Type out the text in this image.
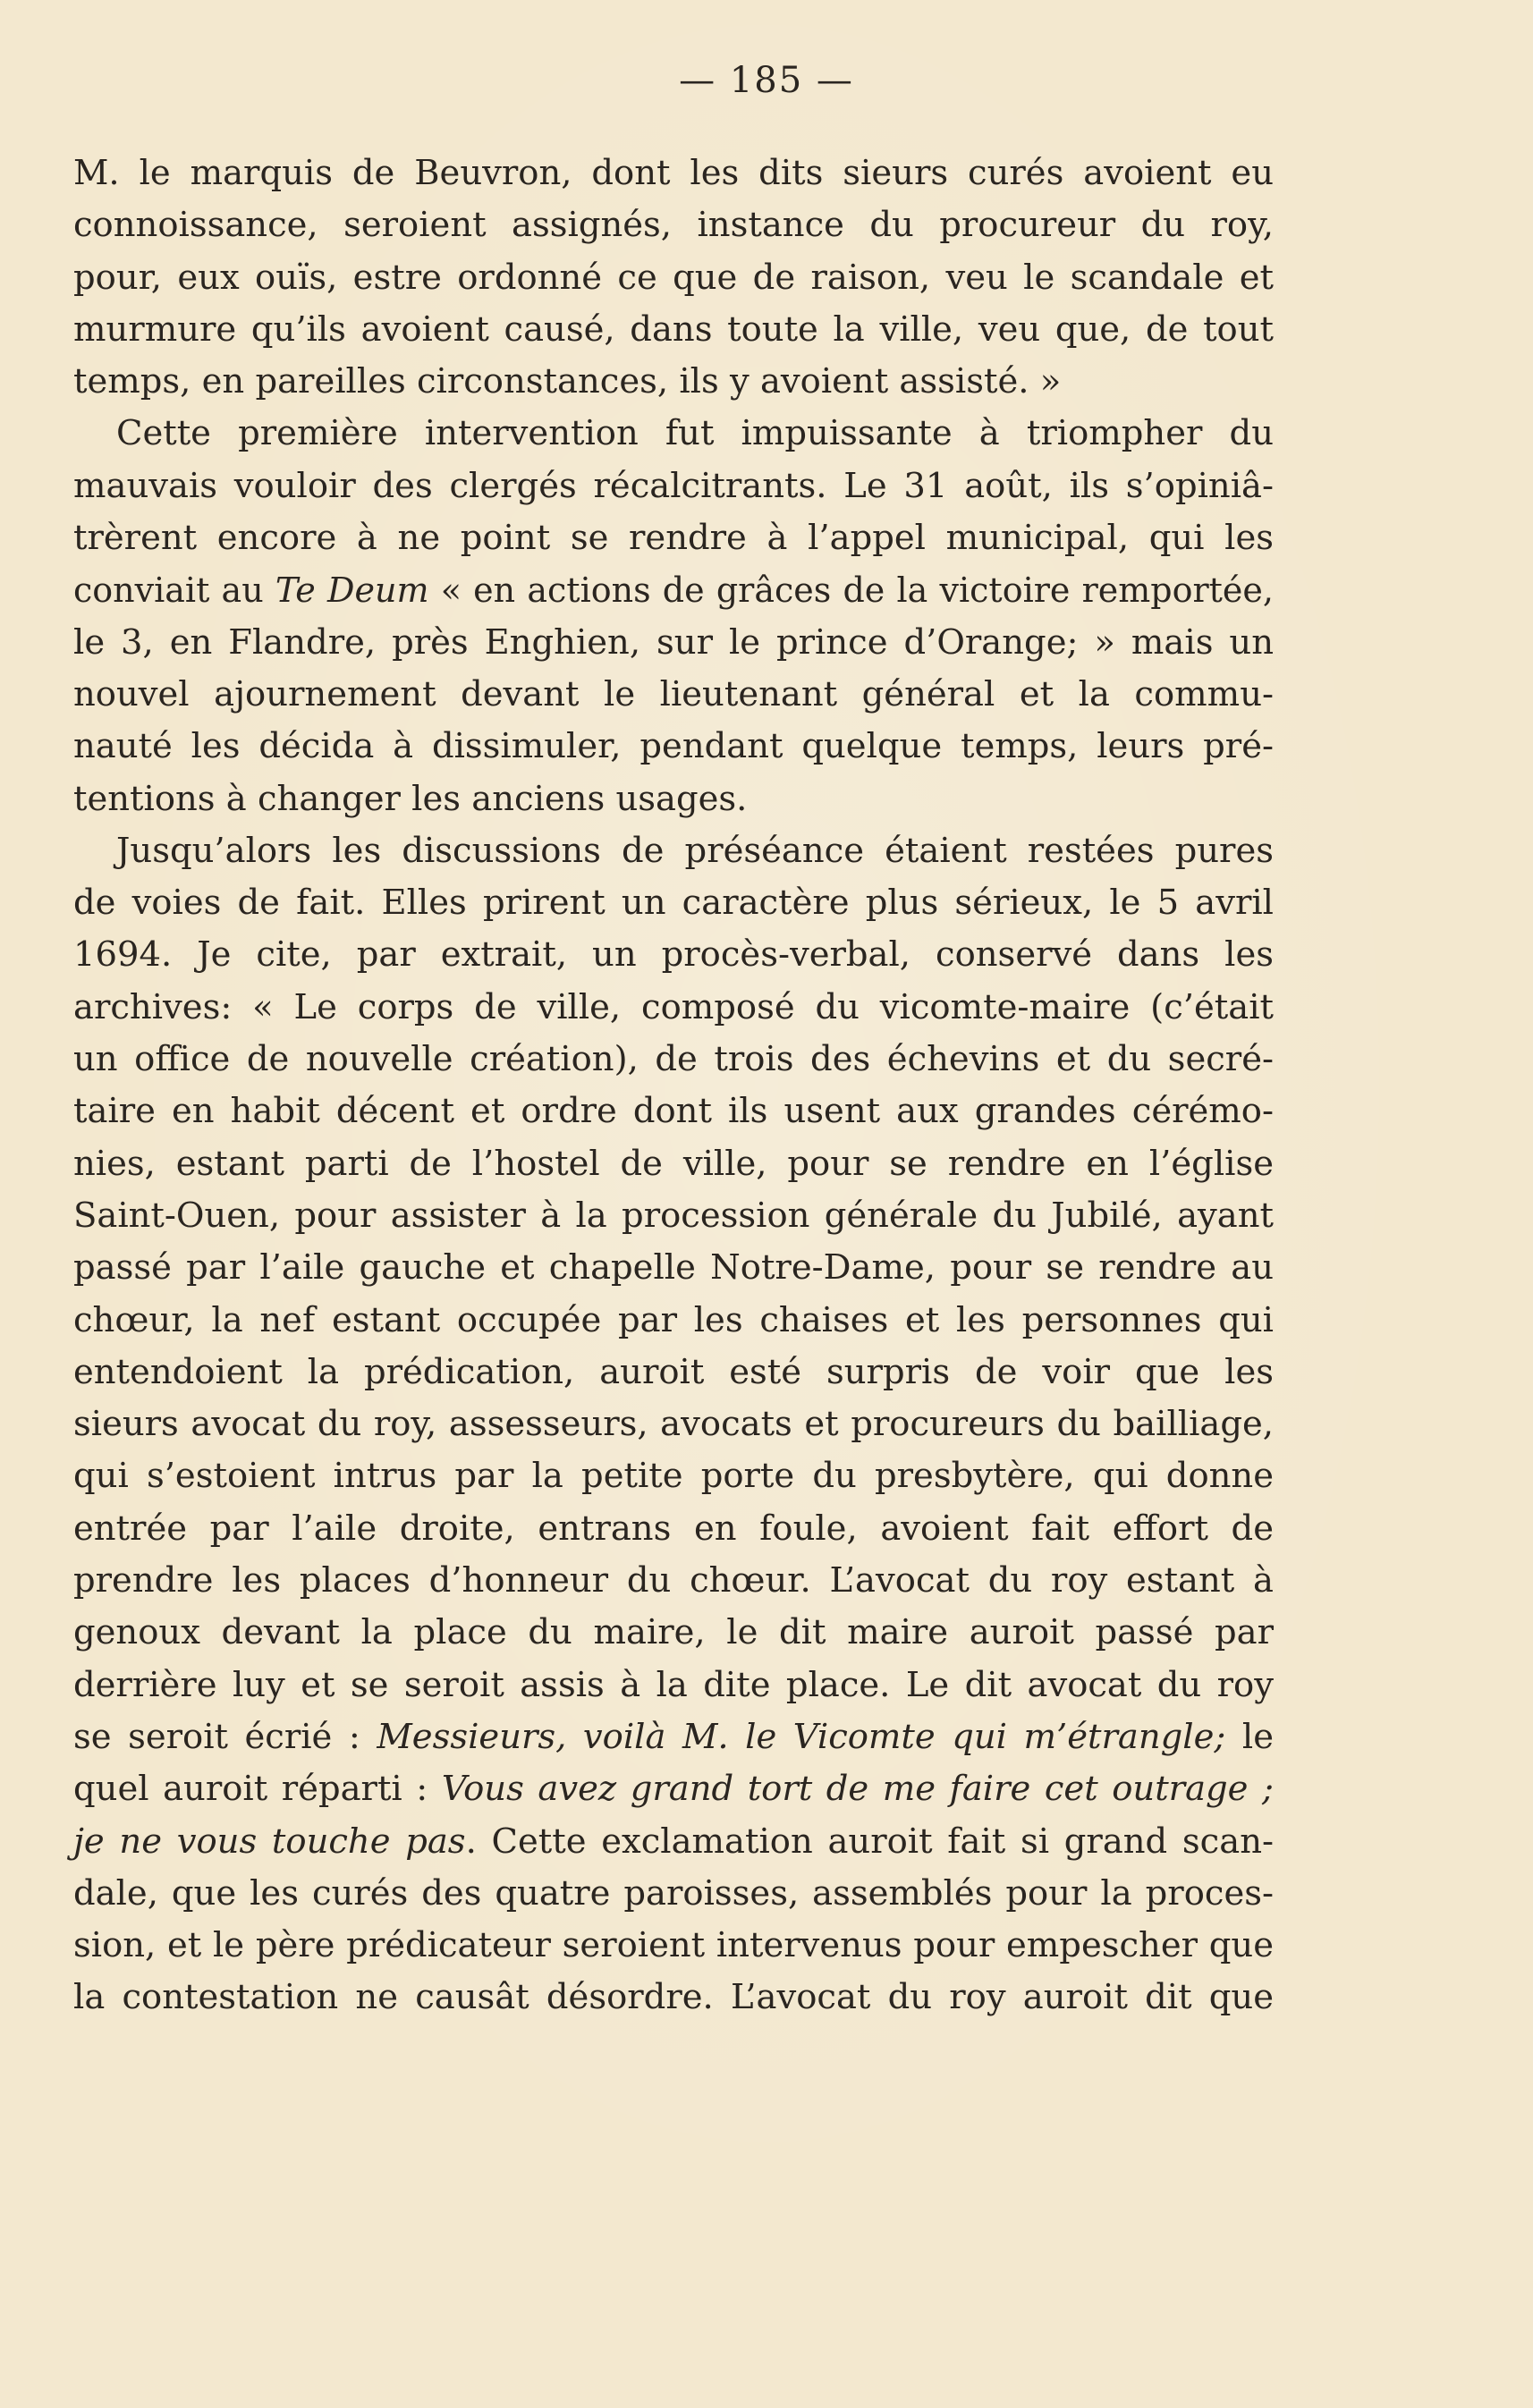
— 185 —
M. le marquis de Beuvron, dont les dits sieurs curés avoient eu
connoissance, seroient assignés, instance du procureur du roy,
pour, eux ouïs, estre ordonné ce que de raison, veu le scandale et
murmure qu’ils avoient causé, dans toute la ville, veu que, de tout
temps, en pareilles circonstances, ils y avoient assisté. »
Cette première intervention fut impuissante à triompher du
mauvais vouloir des clergés récalcitrants. Le 31 août, ils s’opiniâ-
trèrent encore à ne point se rendre à l’appel municipal, qui les
conviait au Te Deum « en actions de grâces de la victoire remportée,
le 3, en Flandre, près Enghien, sur le prince d’Orange; » mais un
nouvel ajournement devant le lieutenant général et la commu-
nauté les décida à dissimuler, pendant quelque temps, leurs pré-
tentions à changer les anciens usages.
Jusqu’alors les discussions de préséance étaient restées pures
de voies de fait. Elles prirent un caractère plus sérieux, le 5 avril
1694. Je cite, par extrait, un procès-verbal, conservé dans les
archives: « Le corps de ville, composé du vicomte-maire (c’était
un office de nouvelle création), de trois des échevins et du secré-
taire en habit décent et ordre dont ils usent aux grandes cérémo-
nies, estant parti de l’hostel de ville, pour se rendre en l’église
Saint-Ouen, pour assister à la procession générale du Jubilé, ayant
passé par l’aile gauche et chapelle Notre-Dame, pour se rendre au
chœur, la nef estant occupée par les chaises et les personnes qui
entendoient la prédication, auroit esté surpris de voir que les
sieurs avocat du roy, assesseurs, avocats et procureurs du bailliage,
qui s’estoient intrus par la petite porte du presbytère, qui donne
entrée par l’aile droite, entrans en foule, avoient fait effort de
prendre les places d’honneur du chœur. L’avocat du roy estant à
genoux devant la place du maire, le dit maire auroit passé par
derrière luy et se seroit assis à la dite place. Le dit avocat du roy
se seroit écrié : Messieurs, voilà M. le Vicomte qui m’étrangle; le
quel auroit réparti : Vous avez grand tort de me faire cet outrage ;
je ne vous touche pas. Cette exclamation auroit fait si grand scan-
dale, que les curés des quatre paroisses, assemblés pour la proces-
sion, et le père prédicateur seroient intervenus pour empescher que
la contestation ne causât désordre. L’avocat du roy auroit dit que
